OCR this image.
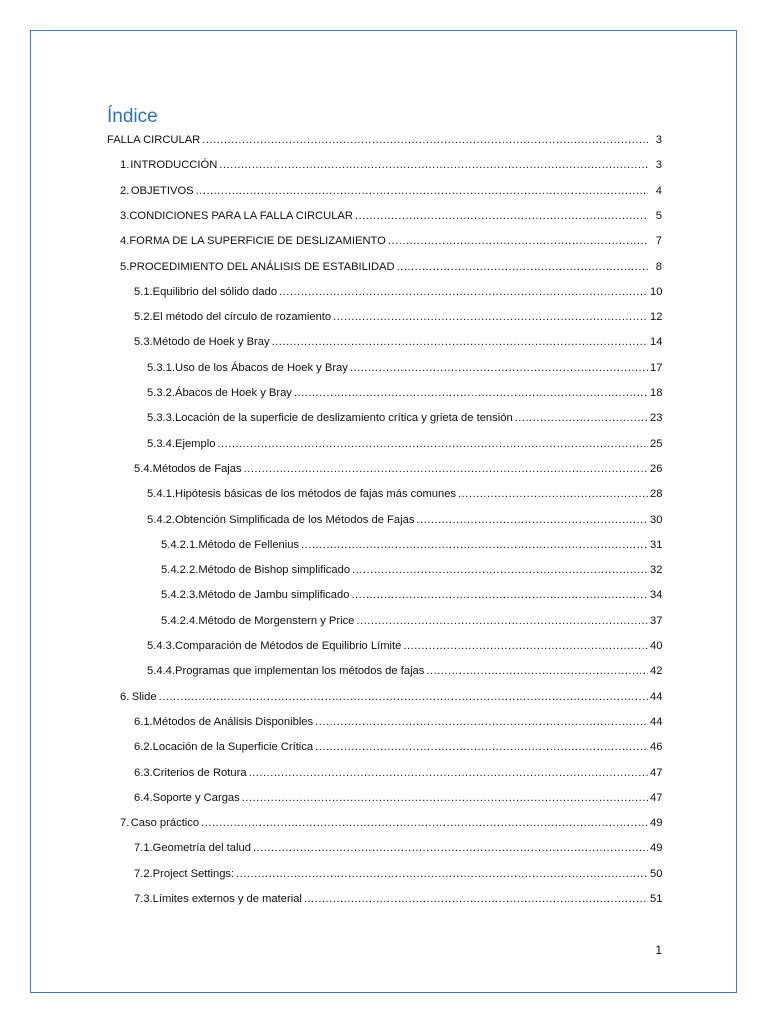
Índice
FALLA CIRCULAR .....	3
1. INTRODUCCIÓN .....	3
2. OBJETIVOS .....	4
3. CONDICIONES PARA LA FALLA CIRCULAR .....	5
4. FORMA DE LA SUPERFICIE DE DESLIZAMIENTO .....	7
5. PROCEDIMIENTO DEL ANÁLISIS DE ESTABILIDAD .....	8
5.1. Equilibrio del sólido dado .....	10
5.2. El método del círculo de rozamiento .....	12
5.3. Método de Hoek y Bray .....	14
5.3.1. Uso de los Ábacos de Hoek y Bray .....	17
5.3.2. Ábacos de Hoek y Bray .....	18
5.3.3. Locación de la superficie de deslizamiento crítica y grieta de tensión .....	23
5.3.4. Ejemplo .....	25
5.4. Métodos de Fajas .....	26
5.4.1. Hipótesis básicas de los métodos de fajas más comunes .....	28
5.4.2. Obtención Simplificada de los Métodos de Fajas .....	30
5.4.2.1. Método de Fellenius .....	31
5.4.2.2. Método de Bishop simplificado .....	32
5.4.2.3. Método de Jambu simplificado .....	34
5.4.2.4. Método de Morgenstern y Price .....	37
5.4.3. Comparación de Métodos de Equilibrio Límite .....	40
5.4.4. Programas que implementan los métodos de fajas .....	42
6. Slide .....	44
6.1. Métodos de Análisis Disponibles .....	44
6.2. Locación de la Superficie Crítica .....	46
6.3. Criterios de Rotura .....	47
6.4. Soporte y Cargas .....	47
7. Caso práctico .....	49
7.1. Geometría del talud .....	49
7.2. Project Settings: .....	50
7.3. Límites externos y de material .....	51
1
